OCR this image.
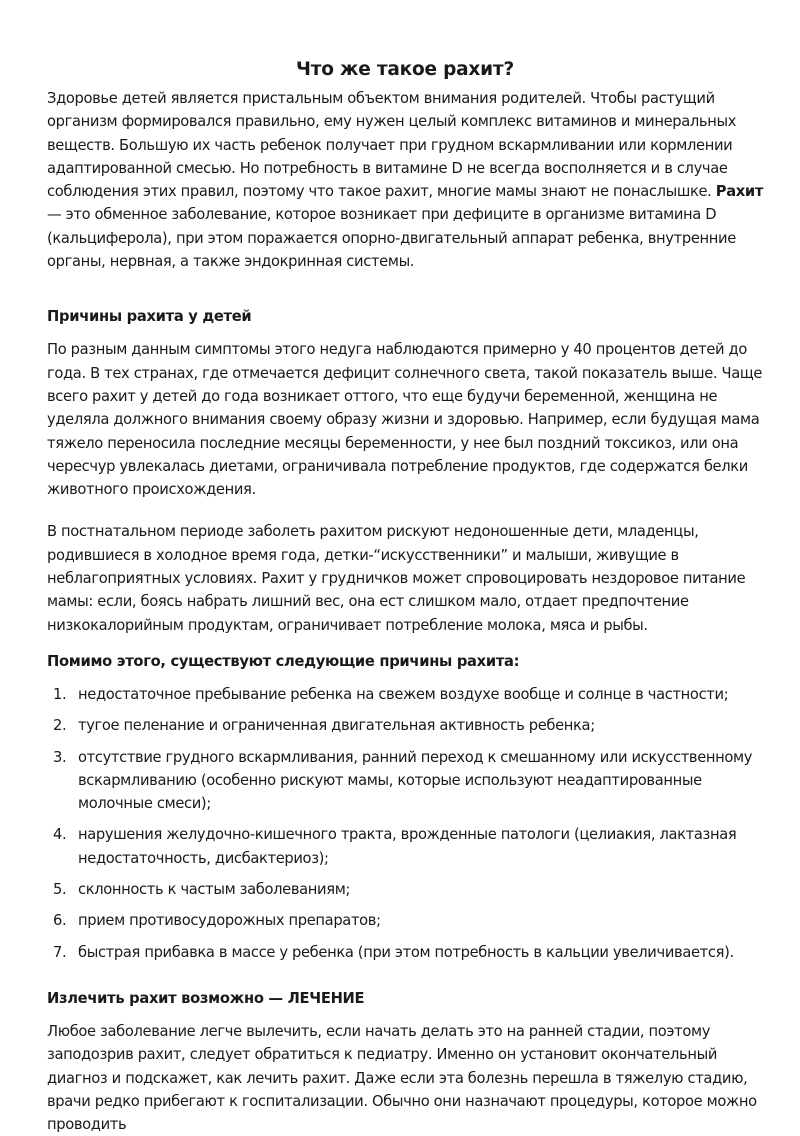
Что же такое рахит?

Здоровье детей является пристальным объектом внимания родителей. Чтобы растущий организм формировался правильно, ему нужен целый комплекс витаминов и минеральных веществ. Большую их часть ребенок получает при грудном вскармливании или кормлении адаптированной смесью. Но потребность в витамине D не всегда восполняется и в случае соблюдения этих правил, поэтому что такое рахит, многие мамы знают не понаслышке. Рахит — это обменное заболевание, которое возникает при дефиците в организме витамина D (кальциферола), при этом поражается опорно-двигательный аппарат ребенка, внутренние органы, нервная, а также эндокринная системы.

Причины рахита у детей

По разным данным симптомы этого недуга наблюдаются примерно у 40 процентов детей до года. В тех странах, где отмечается дефицит солнечного света, такой показатель выше. Чаще всего рахит у детей до года возникает оттого, что еще будучи беременной, женщина не уделяла должного внимания своему образу жизни и здоровью. Например, если будущая мама тяжело переносила последние месяцы беременности, у нее был поздний токсикоз, или она чересчур увлекалась диетами, ограничивала потребление продуктов, где содержатся белки животного происхождения.

В постнатальном периоде заболеть рахитом рискуют недоношенные дети, младенцы, родившиеся в холодное время года, детки-“искусственники” и малыши, живущие в неблагоприятных условиях. Рахит у грудничков может спровоцировать нездоровое питание мамы: если, боясь набрать лишний вес, она ест слишком мало, отдает предпочтение низкокалорийным продуктам, ограничивает потребление молока, мяса и рыбы.

Помимо этого, существуют следующие причины рахита:
1. недостаточное пребывание ребенка на свежем воздухе вообще и солнце в частности;
2. тугое пеленание и ограниченная двигательная активность ребенка;
3. отсутствие грудного вскармливания, ранний переход к смешанному или искусственному вскармливанию (особенно рискуют мамы, которые используют неадаптированные молочные смеси);
4. нарушения желудочно-кишечного тракта, врожденные патологи (целиакия, лактазная недостаточность, дисбактериоз);
5. склонность к частым заболеваниям;
6. прием противосудорожных препаратов;
7. быстрая прибавка в массе у ребенка (при этом потребность в кальции увеличивается).
Излечить рахит возможно — ЛЕЧЕНИЕ

Любое заболевание легче вылечить, если начать делать это на ранней стадии, поэтому заподозрив рахит, следует обратиться к педиатру. Именно он установит окончательный диагноз и подскажет, как лечить рахит. Даже если эта болезнь перешла в тяжелую стадию, врачи редко прибегают к госпитализации. Обычно они назначают процедуры, которое можно проводить
